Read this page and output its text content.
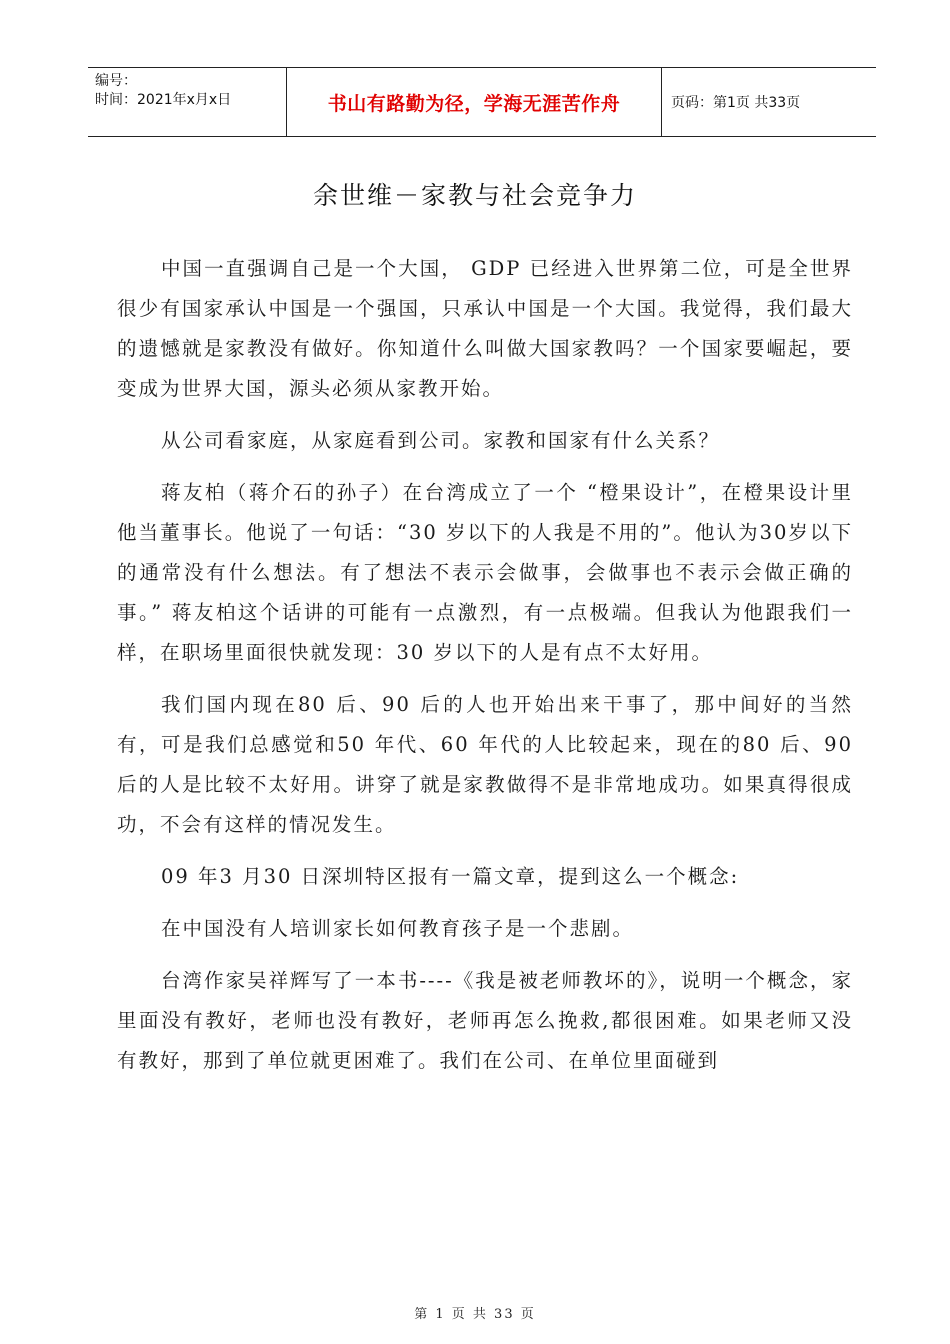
编号：
时间：2021年x月x日	书山有路勤为径，学海无涯苦作舟	页码：第1页 共33页
余世维－家教与社会竞争力

中国一直强调自己是一个大国， GDP 已经进入世界第二位，可是全世界很少有国家承认中国是一个强国，只承认中国是一个大国。我觉得，我们最大的遗憾就是家教没有做好。你知道什么叫做大国家教吗？一个国家要崛起，要变成为世界大国，源头必须从家教开始。

从公司看家庭，从家庭看到公司。家教和国家有什么关系？

蒋友柏（蒋介石的孙子）在台湾成立了一个 “橙果设计”，在橙果设计里他当董事长。他说了一句话：“30 岁以下的人我是不用的”。他认为30岁以下的通常没有什么想法。有了想法不表示会做事，会做事也不表示会做正确的事。” 蒋友柏这个话讲的可能有一点激烈，有一点极端。但我认为他跟我们一样，在职场里面很快就发现：30 岁以下的人是有点不太好用。

我们国内现在80 后、90 后的人也开始出来干事了，那中间好的当然有，可是我们总感觉和50 年代、60 年代的人比较起来，现在的80 后、90 后的人是比较不太好用。讲穿了就是家教做得不是非常地成功。如果真得很成功，不会有这样的情况发生。

09 年3 月30 日深圳特区报有一篇文章，提到这么一个概念:

在中国没有人培训家长如何教育孩子是一个悲剧。

台湾作家吴祥辉写了一本书----《我是被老师教坏的》，说明一个概念，家里面没有教好，老师也没有教好，老师再怎么挽救,都很困难。如果老师又没有教好，那到了单位就更困难了。我们在公司、在单位里面碰到

第 1 页 共 33 页
